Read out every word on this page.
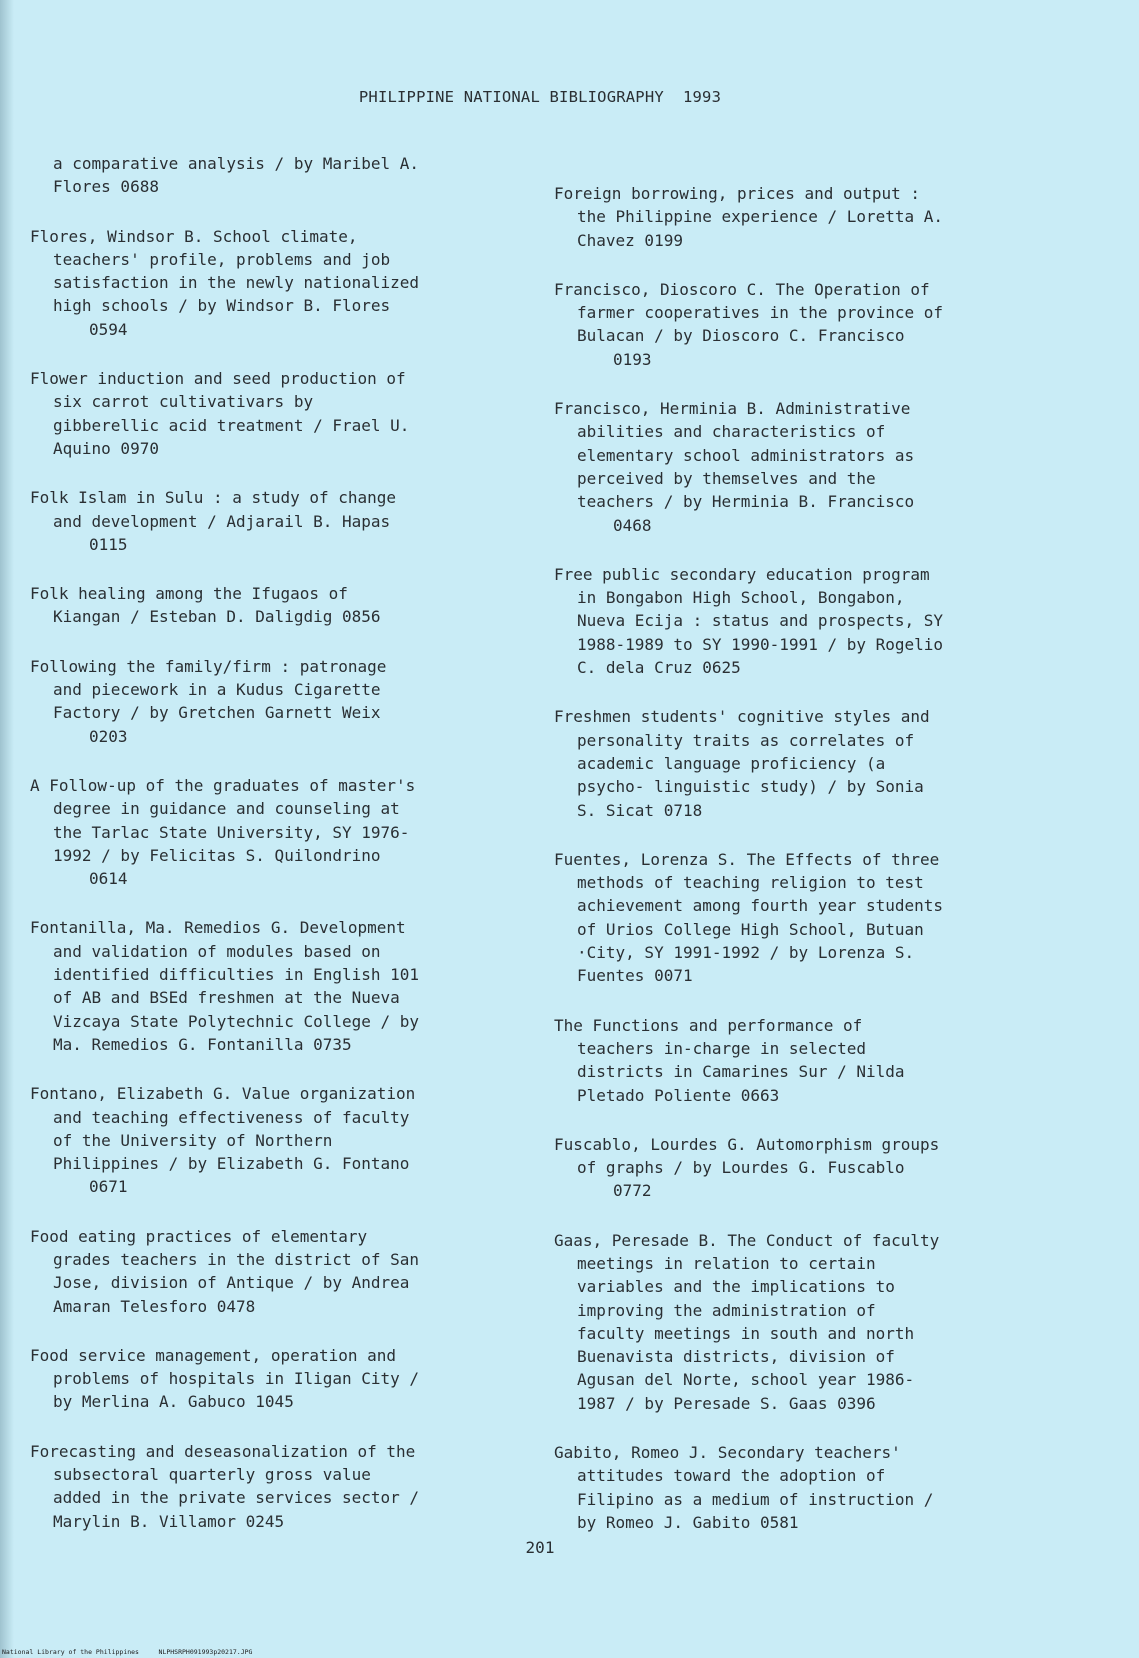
PHILIPPINE NATIONAL BIBLIOGRAPHY  1993

a comparative analysis / by Maribel A.
Flores 0688

Flores, Windsor B. School climate,
teachers' profile, problems and job
satisfaction in the newly nationalized
high schools / by Windsor B. Flores
0594

Flower induction and seed production of
six carrot cultivativars by
gibberellic acid treatment / Frael U.
Aquino 0970

Folk Islam in Sulu : a study of change
and development / Adjarail B. Hapas
0115

Folk healing among the Ifugaos of
Kiangan / Esteban D. Daligdig 0856

Following the family/firm : patronage
and piecework in a Kudus Cigarette
Factory / by Gretchen Garnett Weix
0203

A Follow-up of the graduates of master's
degree in guidance and counseling at
the Tarlac State University, SY 1976-
1992 / by Felicitas S. Quilondrino
0614

Fontanilla, Ma. Remedios G. Development
and validation of modules based on
identified difficulties in English 101
of AB and BSEd freshmen at the Nueva
Vizcaya State Polytechnic College / by
Ma. Remedios G. Fontanilla 0735

Fontano, Elizabeth G. Value organization
and teaching effectiveness of faculty
of the University of Northern
Philippines / by Elizabeth G. Fontano
0671

Food eating practices of elementary
grades teachers in the district of San
Jose, division of Antique / by Andrea
Amaran Telesforo 0478

Food service management, operation and
problems of hospitals in Iligan City /
by Merlina A. Gabuco 1045

Forecasting and deseasonalization of the
subsectoral quarterly gross value
added in the private services sector /
Marylin B. Villamor 0245

Foreign borrowing, prices and output :
the Philippine experience / Loretta A.
Chavez 0199

Francisco, Dioscoro C. The Operation of
farmer cooperatives in the province of
Bulacan / by Dioscoro C. Francisco
0193

Francisco, Herminia B. Administrative
abilities and characteristics of
elementary school administrators as
perceived by themselves and the
teachers / by Herminia B. Francisco
0468

Free public secondary education program
in Bongabon High School, Bongabon,
Nueva Ecija : status and prospects, SY
1988-1989 to SY 1990-1991 / by Rogelio
C. dela Cruz 0625

Freshmen students' cognitive styles and
personality traits as correlates of
academic language proficiency (a
psycho- linguistic study) / by Sonia
S. Sicat 0718

Fuentes, Lorenza S. The Effects of three
methods of teaching religion to test
achievement among fourth year students
of Urios College High School, Butuan
·City, SY 1991-1992 / by Lorenza S.
Fuentes 0071

The Functions and performance of
teachers in-charge in selected
districts in Camarines Sur / Nilda
Pletado Poliente 0663

Fuscablo, Lourdes G. Automorphism groups
of graphs / by Lourdes G. Fuscablo
0772

Gaas, Peresade B. The Conduct of faculty
meetings in relation to certain
variables and the implications to
improving the administration of
faculty meetings in south and north
Buenavista districts, division of
Agusan del Norte, school year 1986-
1987 / by Peresade S. Gaas 0396

Gabito, Romeo J. Secondary teachers'
attitudes toward the adoption of
Filipino as a medium of instruction /
by Romeo J. Gabito 0581

201
National Library of the Philippines     NLPHSRPH091993p20217.JPG
